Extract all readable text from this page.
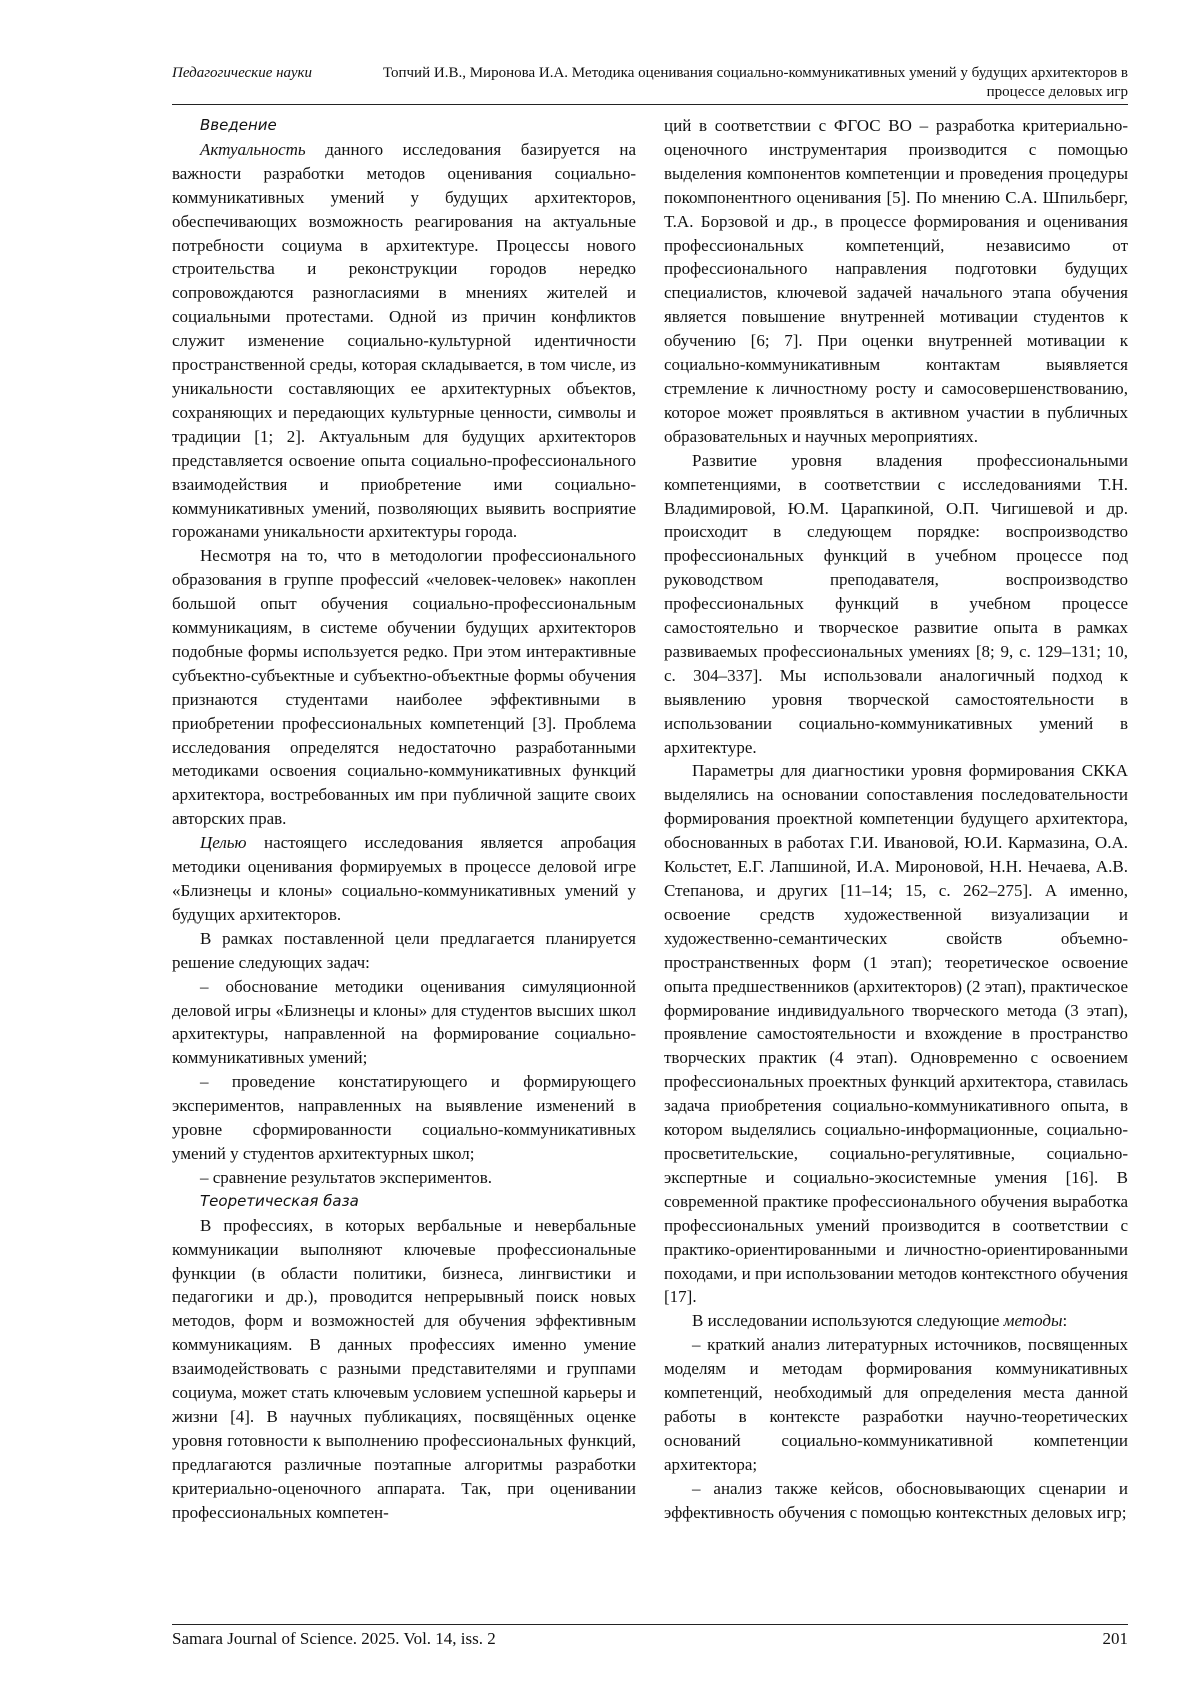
Педагогические науки	Топчий И.В., Миронова И.А. Методика оценивания социально-коммуникативных умений у будущих архитекторов в процессе деловых игр

Введение

Актуальность данного исследования базируется на важности разработки методов оценивания социально-коммуникативных умений у будущих архитекторов, обеспечивающих возможность реагирования на актуальные потребности социума в архитектуре. Процессы нового строительства и реконструкции городов нередко сопровождаются разногласиями в мнениях жителей и социальными протестами. Одной из причин конфликтов служит изменение социально-культурной идентичности пространственной среды, которая складывается, в том числе, из уникальности составляющих ее архитектурных объектов, сохраняющих и передающих культурные ценности, символы и традиции [1; 2]. Актуальным для будущих архитекторов представляется освоение опыта социально-профессионального взаимодействия и приобретение ими социально-коммуникативных умений, позволяющих выявить восприятие горожанами уникальности архитектуры города.

Несмотря на то, что в методологии профессионального образования в группе профессий «человек-человек» накоплен большой опыт обучения социально-профессиональным коммуникациям, в системе обучении будущих архитекторов подобные формы используется редко. При этом интерактивные субъектно-субъектные и субъектно-объектные формы обучения признаются студентами наиболее эффективными в приобретении профессиональных компетенций [3]. Проблема исследования определятся недостаточно разработанными методиками освоения социально-коммуникативных функций архитектора, востребованных им при публичной защите своих авторских прав.

Целью настоящего исследования является апробация методики оценивания формируемых в процессе деловой игре «Близнецы и клоны» социально-коммуникативных умений у будущих архитекторов.

В рамках поставленной цели предлагается планируется решение следующих задач:

– обоснование методики оценивания симуляционной деловой игры «Близнецы и клоны» для студентов высших школ архитектуры, направленной на формирование социально-коммуникативных умений;

– проведение констатирующего и формирующего экспериментов, направленных на выявление изменений в уровне сформированности социально-коммуникативных умений у студентов архитектурных школ;

– сравнение результатов экспериментов.

Теоретическая база

В профессиях, в которых вербальные и невербальные коммуникации выполняют ключевые профессиональные функции (в области политики, бизнеса, лингвистики и педагогики и др.), проводится непрерывный поиск новых методов, форм и возможностей для обучения эффективным коммуникациям. В данных профессиях именно умение взаимодействовать с разными представителями и группами социума, может стать ключевым условием успешной карьеры и жизни [4]. В научных публикациях, посвящённых оценке уровня готовности к выполнению профессиональных функций, предлагаются различные поэтапные алгоритмы разработки критериально-оценочного аппарата. Так, при оценивании профессиональных компетен-

ций в соответствии с ФГОС ВО – разработка критериально-оценочного инструментария производится с помощью выделения компонентов компетенции и проведения процедуры покомпонентного оценивания [5]. По мнению С.А. Шпильберг, Т.А. Борзовой и др., в процессе формирования и оценивания профессиональных компетенций, независимо от профессионального направления подготовки будущих специалистов, ключевой задачей начального этапа обучения является повышение внутренней мотивации студентов к обучению [6; 7]. При оценки внутренней мотивации к социально-коммуникативным контактам выявляется стремление к личностному росту и самосовершенствованию, которое может проявляться в активном участии в публичных образовательных и научных мероприятиях.

Развитие уровня владения профессиональными компетенциями, в соответствии с исследованиями Т.Н. Владимировой, Ю.М. Царапкиной, О.П. Чигишевой и др. происходит в следующем порядке: воспроизводство профессиональных функций в учебном процессе под руководством преподавателя, воспроизводство профессиональных функций в учебном процессе самостоятельно и творческое развитие опыта в рамках развиваемых профессиональных умениях [8; 9, с. 129–131; 10, с. 304–337]. Мы использовали аналогичный подход к выявлению уровня творческой самостоятельности в использовании социально-коммуникативных умений в архитектуре.

Параметры для диагностики уровня формирования СККА выделялись на основании сопоставления последовательности формирования проектной компетенции будущего архитектора, обоснованных в работах Г.И. Ивановой, Ю.И. Кармазина, О.А. Кольстет, Е.Г. Лапшиной, И.А. Мироновой, Н.Н. Нечаева, А.В. Степанова, и других [11–14; 15, с. 262–275]. А именно, освоение средств художественной визуализации и художественно-семантических свойств объемно-пространственных форм (1 этап); теоретическое освоение опыта предшественников (архитекторов) (2 этап), практическое формирование индивидуального творческого метода (3 этап), проявление самостоятельности и вхождение в пространство творческих практик (4 этап). Одновременно с освоением профессиональных проектных функций архитектора, ставилась задача приобретения социально-коммуникативного опыта, в котором выделялись социально-информационные, социально-просветительские, социально-регулятивные, социально-экспертные и социально-экосистемные умения [16]. В современной практике профессионального обучения выработка профессиональных умений производится в соответствии с практико-ориентированными и личностно-ориентированными походами, и при использовании методов контекстного обучения [17].

В исследовании используются следующие методы:

– краткий анализ литературных источников, посвященных моделям и методам формирования коммуникативных компетенций, необходимый для определения места данной работы в контексте разработки научно-теоретических оснований социально-коммуникативной компетенции архитектора;

– анализ также кейсов, обосновывающих сценарии и эффективность обучения с помощью контекстных деловых игр;

Samara Journal of Science. 2025. Vol. 14, iss. 2	201
